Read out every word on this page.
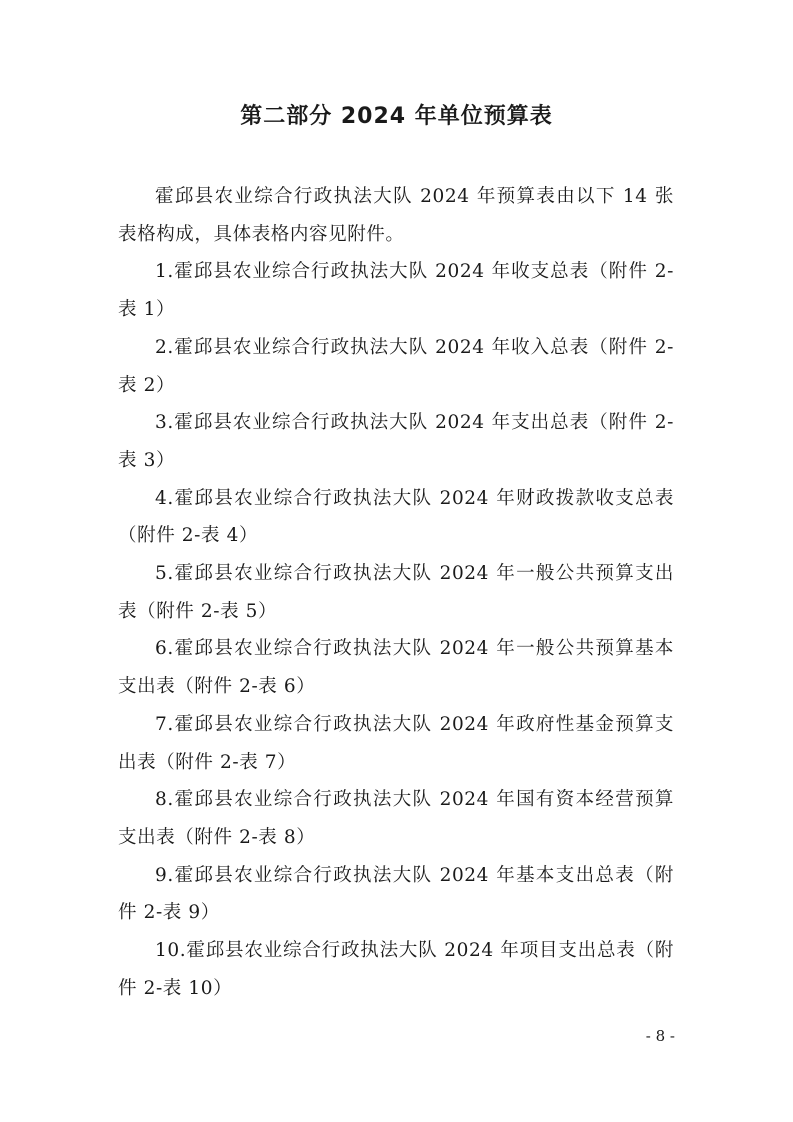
第二部分 2024 年单位预算表

霍邱县农业综合行政执法大队 2024 年预算表由以下 14 张表格构成，具体表格内容见附件。

1.霍邱县农业综合行政执法大队 2024 年收支总表（附件 2-表 1）

2.霍邱县农业综合行政执法大队 2024 年收入总表（附件 2-表 2）

3.霍邱县农业综合行政执法大队 2024 年支出总表（附件 2-表 3）

4.霍邱县农业综合行政执法大队 2024 年财政拨款收支总表（附件 2-表 4）

5.霍邱县农业综合行政执法大队 2024 年一般公共预算支出表（附件 2-表 5）

6.霍邱县农业综合行政执法大队 2024 年一般公共预算基本支出表（附件 2-表 6）

7.霍邱县农业综合行政执法大队 2024 年政府性基金预算支出表（附件 2-表 7）

8.霍邱县农业综合行政执法大队 2024 年国有资本经营预算支出表（附件 2-表 8）

9.霍邱县农业综合行政执法大队 2024 年基本支出总表（附件 2-表 9）

10.霍邱县农业综合行政执法大队 2024 年项目支出总表（附件 2-表 10）

- 8 -
